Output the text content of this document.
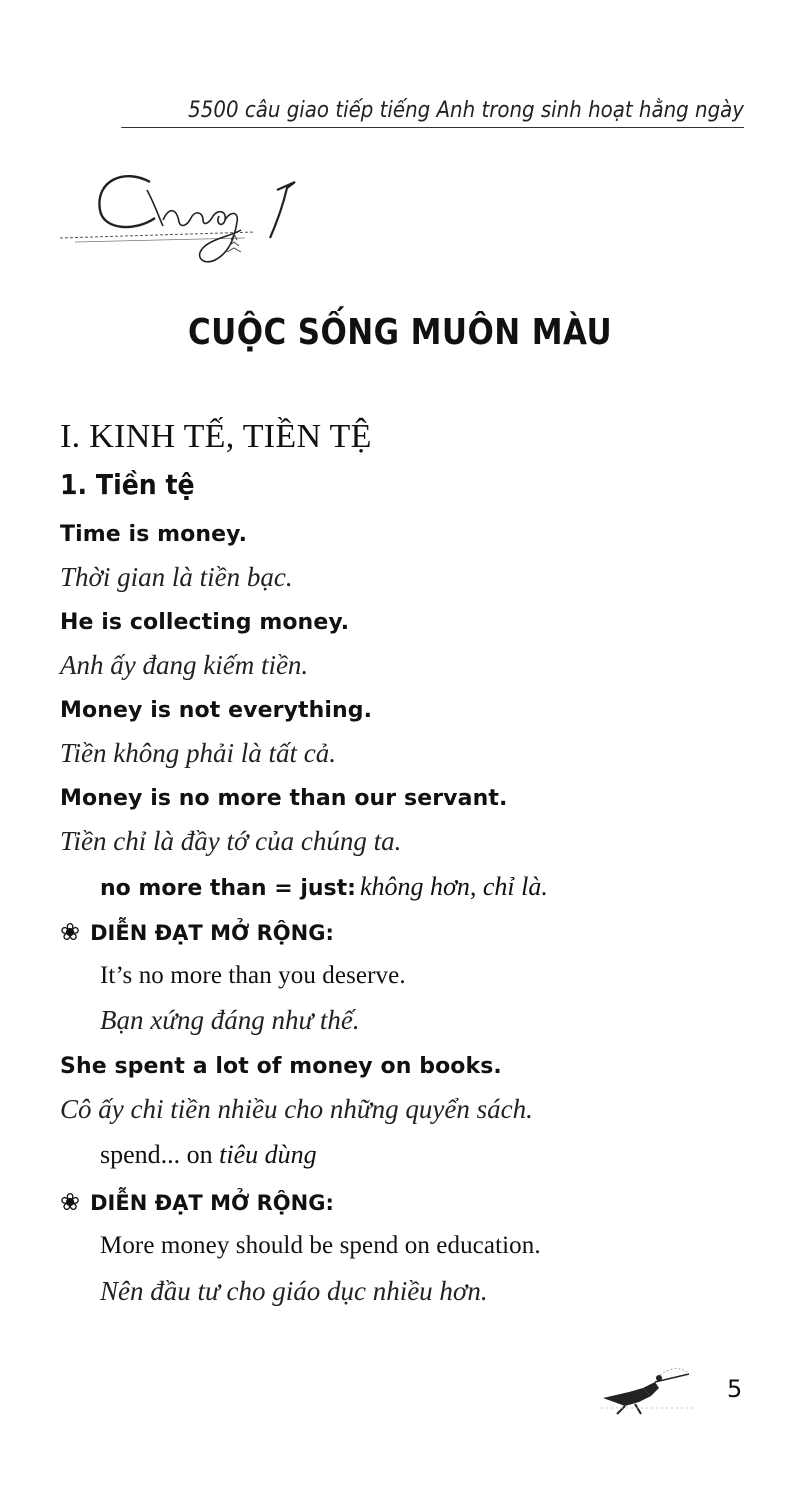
5500 câu giao tiếp tiếng Anh trong sinh hoạt hằng ngày
CUỘC SỐNG MUÔN MÀU
I. KINH TẾ, TIỀN TỆ
1. Tiền tệ
Time is money.
Thời gian là tiền bạc.
He is collecting money.
Anh ấy đang kiếm tiền.
Money is not everything.
Tiền không phải là tất cả.
Money is no more than our servant.
Tiền chỉ là đầy tớ của chúng ta.
no more than = just: không hơn, chỉ là.
❀ DIỄN ĐẠT MỞ RỘNG:
It’s no more than you deserve.
Bạn xứng đáng như thế.
She spent a lot of money on books.
Cô ấy chi tiền nhiều cho những quyển sách.
spend... on tiêu dùng
❀ DIỄN ĐẠT MỞ RỘNG:
More money should be spend on education.
Nên đầu tư cho giáo dục nhiều hơn.
5
